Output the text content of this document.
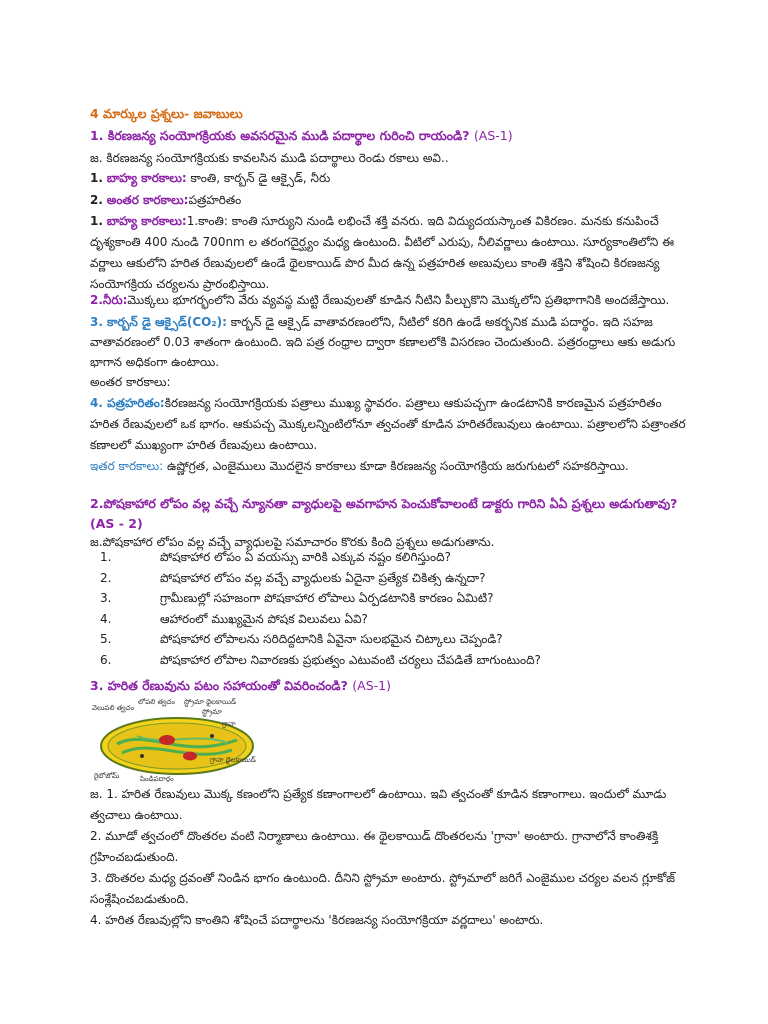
4 మార్కుల ప్రశ్నలు- జవాబులు
1. కిరణజన్య సంయోగక్రియకు అవసరమైన ముడి పదార్థాల గురించి రాయండి? (AS-1)
జ. కిరణజన్య సంయోగక్రియకు కావలసిన ముడి పదార్థాలు రెండు రకాలు అవి..
1. బాహ్య కారకాలు: కాంతి, కార్బన్ డై ఆక్సైడ్, నీరు
2. అంతర కారకాలు:పత్రహరితం
1. బాహ్య కారకాలు:1.కాంతి: కాంతి సూర్యుని నుండి లభించే శక్తి వనరు. ఇది విద్యుదయస్కాంత వికిరణం. మనకు కనుపించే దృశ్యకాంతి 400 నుండి 700nm ల తరంగదైర్ఘ్యం మధ్య ఉంటుంది. వీటిలో ఎరుపు, నీలివర్ణాలు ఉంటాయి. సూర్యకాంతిలోని ఈ వర్ణాలు ఆకులోని హరిత రేణువులలో ఉండే థైలకాయిడ్ పొర మీద ఉన్న పత్రహరిత అణువులు కాంతి శక్తిని శోషించి కిరణజన్య సంయోగక్రియ చర్యలను ప్రారంభిస్తాయి.
2.నీరు:మొక్కలు భూగర్భంలోని వేరు వ్యవస్థ మట్టి రేణువులతో కూడిన నీటిని పీల్చుకొని మొక్కలోని ప్రతిభాగానికి అందజేస్తాయి.
3. కార్బన్ డై ఆక్సైడ్(CO₂): కార్బన్ డై ఆక్సైడ్ వాతావరణంలోని, నీటిలో కరిగి ఉండే అకర్బనిక ముడి పదార్థం. ఇది సహజ వాతావరణంలో 0.03 శాతంగా ఉంటుంది. ఇది పత్ర రంధ్రాల ద్వారా కణాలలోకి విసరణం చెందుతుంది. పత్రరంధ్రాలు ఆకు అడుగు భాగాన అధికంగా ఉంటాయి.
అంతర కారకాలు:
4. పత్రహరితం:కిరణజన్య సంయోగక్రియకు పత్రాలు ముఖ్య స్థావరం. పత్రాలు ఆకుపచ్చగా ఉండటానికి కారణమైన పత్రహరితం హరిత రేణువులలో ఒక భాగం. ఆకుపచ్చ మొక్కలన్నింటిలోనూ త్వచంతో కూడిన హరితరేణువులు ఉంటాయి. పత్రాలలోని పత్రాంతర కణాలలో ముఖ్యంగా హరిత రేణువులు ఉంటాయి.
ఇతర కారకాలు: ఉష్ణోగ్రత, ఎంజైములు మొదలైన కారకాలు కూడా కిరణజన్య సంయోగక్రియ జరుగుటలో సహకరిస్తాయి.
2.పోషకాహార లోపం వల్ల వచ్చే న్యూనతా వ్యాధులపై అవగాహన పెంచుకోవాలంటే డాక్టరు గారిని ఏఏ ప్రశ్నలు అడుగుతావు? (AS - 2)
జ.పోషకాహార లోపం వల్ల వచ్చే వ్యాధులపై సమాచారం కొరకు కింది ప్రశ్నలు అడుగుతాను.
1.	పోషకాహార లోపం ఏ వయస్సు వారికి ఎక్కువ నష్టం కలిగిస్తుంది?
2.	పోషకాహార లోపం వల్ల వచ్చే వ్యాధులకు ఏదైనా ప్రత్యేక చికిత్స ఉన్నదా?
3.	గ్రామీణుల్లో సహజంగా పోషకాహార లోపాలు ఏర్పడటానికి కారణం ఏమిటి?
4.	ఆహారంలో ముఖ్యమైన పోషక విలువలు ఏవి?
5.	పోషకాహార లోపాలను సరిదిద్దటానికి ఏవైనా సులభమైన చిట్కాలు చెప్పండి?
6.	పోషకాహార లోపాల నివారణకు ప్రభుత్వం ఎటువంటి చర్యలు చేపడితే బాగుంటుంది?
3. హరిత రేణువును పటం సహాయంతో వివరించండి? (AS-1)
వెలుపలి త్వచం
లోపలి త్వచం స్ట్రోమా థైలకాయిడ్
స్ట్రోమా
గ్రానా
గ్రానా థైలకాయిడ్
రైబోజోమ్	పిండిపదార్థం
జ. 1. హరిత రేణువులు మొక్క కణంలోని ప్రత్యేక కణాంగాలలో ఉంటాయి. ఇవి త్వచంతో కూడిన కణాంగాలు. ఇందులో మూడు త్వచాలు ఉంటాయి.
2. మూడో త్వచంలో దొంతరల వంటి నిర్మాణాలు ఉంటాయి. ఈ థైలకాయిడ్ దొంతరలను 'గ్రానా' అంటారు. గ్రానాలోనే కాంతిశక్తి గ్రహించబడుతుంది.
3. దొంతరల మధ్య ద్రవంతో నిండిన భాగం ఉంటుంది. దీనిని స్ట్రోమా అంటారు. స్ట్రోమాలో జరిగే ఎంజైముల చర్యల వలన గ్లూకోజ్ సంశ్లేషించబడుతుంది.
4. హరిత రేణువుల్లోని కాంతిని శోషించే పదార్థాలను 'కిరణజన్య సంయోగక్రియా వర్ణదాలు' అంటారు.
